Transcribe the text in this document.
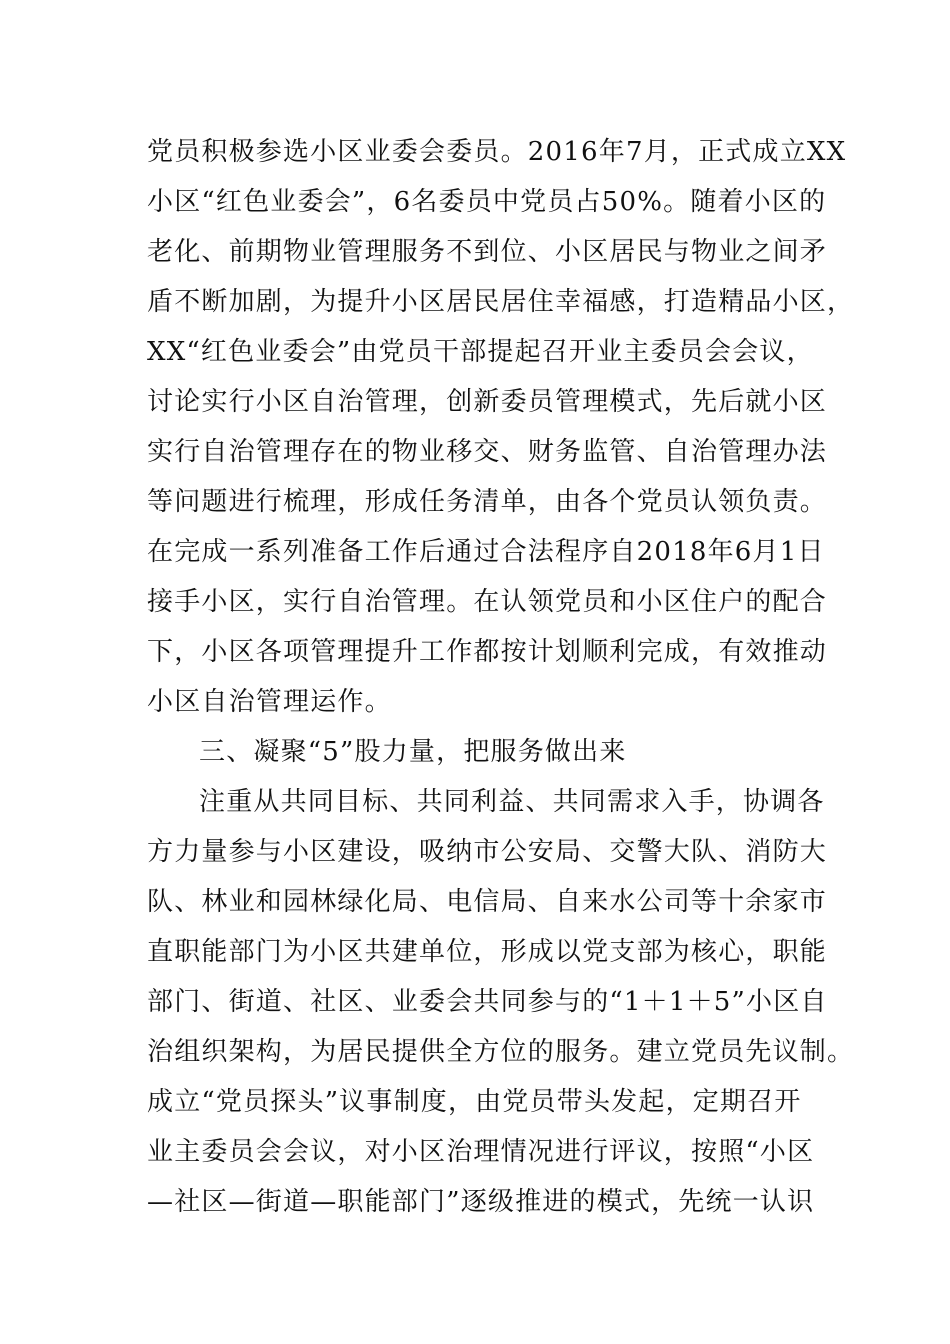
党员积极参选小区业委会委员。2016年7月，正式成立XX
小区“红色业委会”，6名委员中党员占50%。随着小区的
老化、前期物业管理服务不到位、小区居民与物业之间矛
盾不断加剧，为提升小区居民居住幸福感，打造精品小区，
XX“红色业委会”由党员干部提起召开业主委员会会议，
讨论实行小区自治管理，创新委员管理模式，先后就小区
实行自治管理存在的物业移交、财务监管、自治管理办法
等问题进行梳理，形成任务清单，由各个党员认领负责。
在完成一系列准备工作后通过合法程序自2018年6月1日
接手小区，实行自治管理。在认领党员和小区住户的配合
下，小区各项管理提升工作都按计划顺利完成，有效推动
小区自治管理运作。
三、凝聚“5”股力量，把服务做出来
注重从共同目标、共同利益、共同需求入手，协调各
方力量参与小区建设，吸纳市公安局、交警大队、消防大
队、林业和园林绿化局、电信局、自来水公司等十余家市
直职能部门为小区共建单位，形成以党支部为核心，职能
部门、街道、社区、业委会共同参与的“1＋1＋5”小区自
治组织架构，为居民提供全方位的服务。建立党员先议制。
成立“党员探头”议事制度，由党员带头发起，定期召开
业主委员会会议，对小区治理情况进行评议，按照“小区
—社区—街道—职能部门”逐级推进的模式，先统一认识
